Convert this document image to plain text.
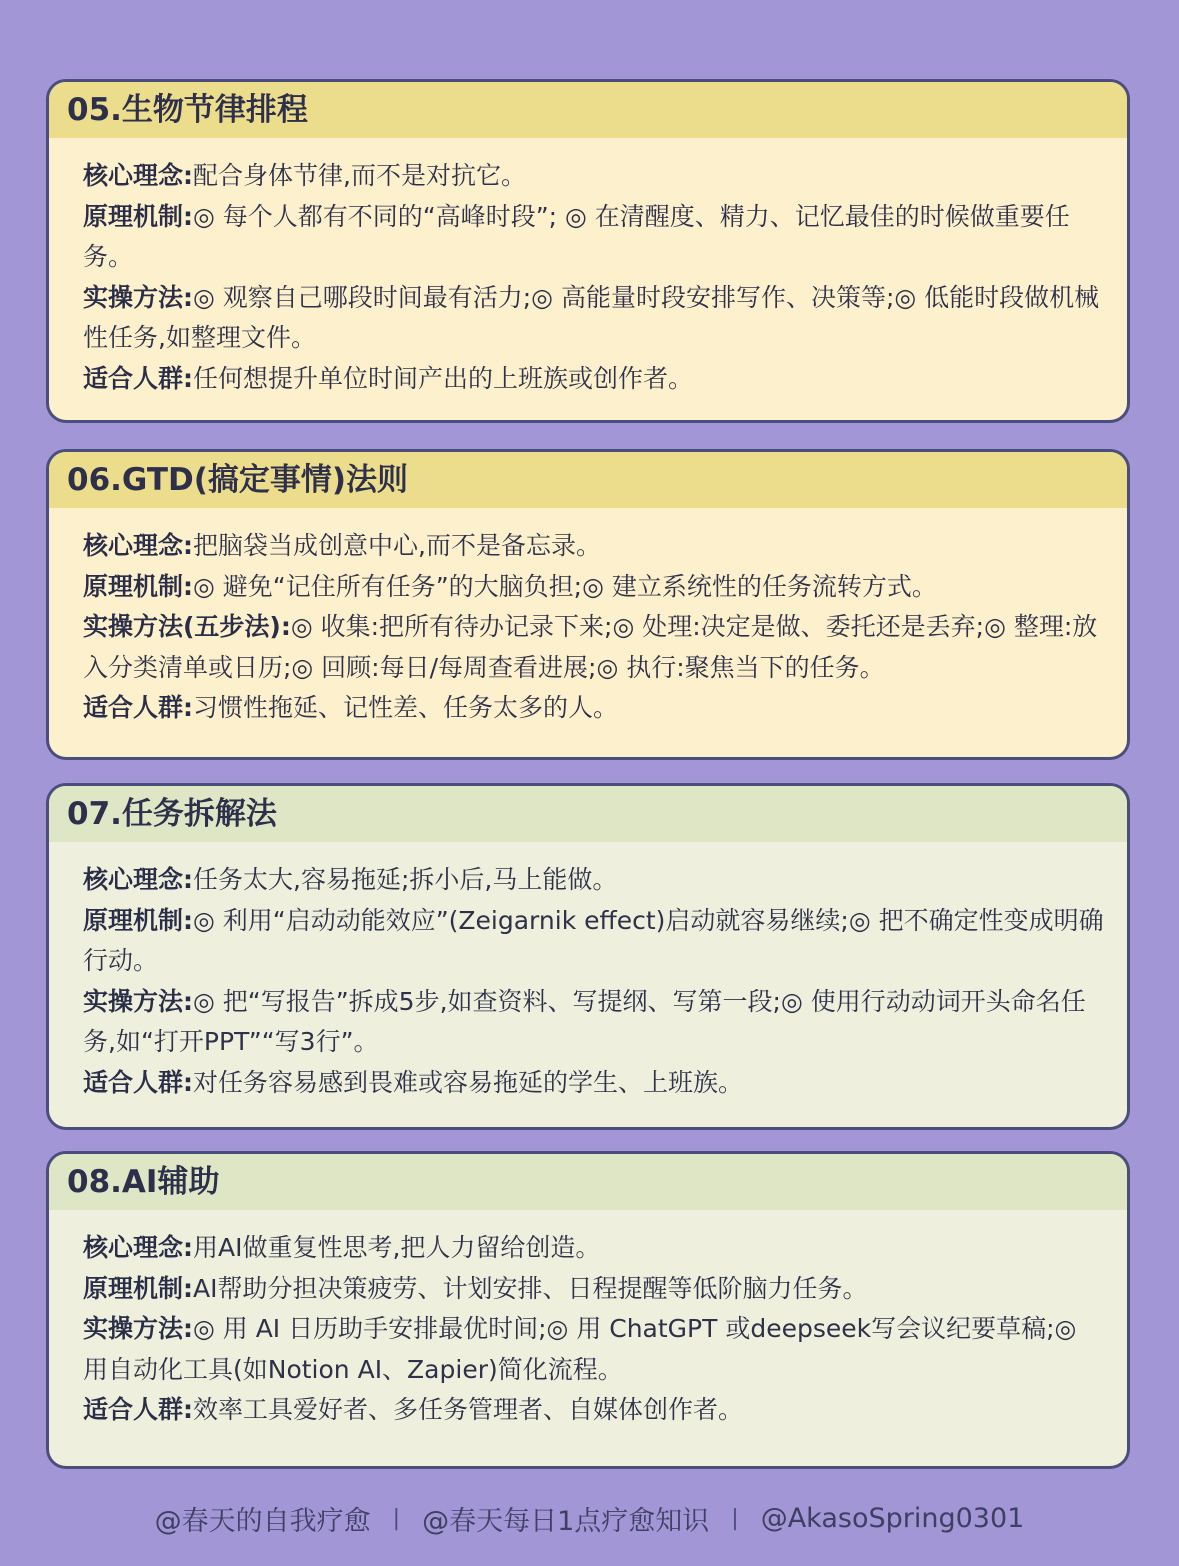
05.生物节律排程

核心理念:配合身体节律,而不是对抗它。

原理机制:◎ 每个人都有不同的“高峰时段”; ◎ 在清醒度、精力、记忆最佳的时候做重要任务。

实操方法:◎ 观察自己哪段时间最有活力;◎ 高能量时段安排写作、决策等;◎ 低能时段做机械性任务,如整理文件。

适合人群:任何想提升单位时间产出的上班族或创作者。

06.GTD(搞定事情)法则

核心理念:把脑袋当成创意中心,而不是备忘录。

原理机制:◎ 避免“记住所有任务”的大脑负担;◎ 建立系统性的任务流转方式。

实操方法(五步法):◎ 收集:把所有待办记录下来;◎ 处理:决定是做、委托还是丢弃;◎ 整理:放入分类清单或日历;◎ 回顾:每日/每周查看进展;◎ 执行:聚焦当下的任务。

适合人群:习惯性拖延、记性差、任务太多的人。

07.任务拆解法

核心理念:任务太大,容易拖延;拆小后,马上能做。

原理机制:◎ 利用“启动动能效应”(Zeigarnik effect)启动就容易继续;◎ 把不确定性变成明确行动。

实操方法:◎ 把“写报告”拆成5步,如查资料、写提纲、写第一段;◎ 使用行动动词开头命名任务,如“打开PPT”“写3行”。

适合人群:对任务容易感到畏难或容易拖延的学生、上班族。

08.AI辅助

核心理念:用AI做重复性思考,把人力留给创造。

原理机制:AI帮助分担决策疲劳、计划安排、日程提醒等低阶脑力任务。

实操方法:◎ 用 AI 日历助手安排最优时间;◎ 用 ChatGPT 或deepseek写会议纪要草稿;◎ 用自动化工具(如Notion AI、Zapier)简化流程。

适合人群:效率工具爱好者、多任务管理者、自媒体创作者。

@春天的自我疗愈 | @春天每日1点疗愈知识 | @AkasoSpring0301
